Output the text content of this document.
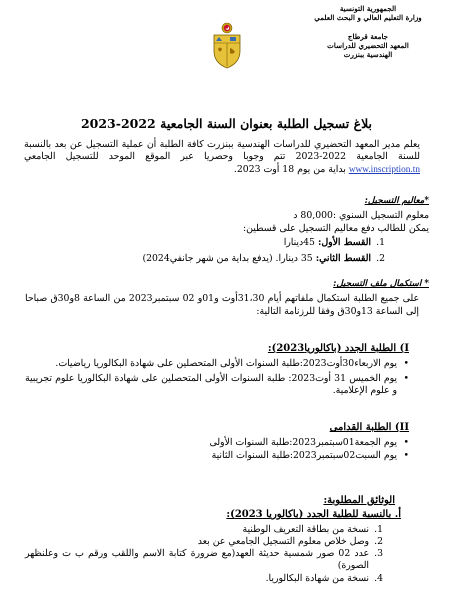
الجمهورية التونسية
وزارة التعليم العالي و البحث العلمي
جامعة قرطاج
المعهد التحضيري للدراسات
الهندسية ببنزرت
بلاغ تسجيل الطلبة بعنوان السنة الجامعية 2022-2023
يعلم مدير المعهد التحضيري للدراسات الهندسية ببنزرت كافة الطلبة أن عملية التسجيل عن بعد بالنسبة للسنة الجامعية 2022-2023 تتم وجوبا وحصريا عبر الموقع الموحد للتسجيل الجامعي www.inscription.tn بداية من يوم 18 أوت 2023.
*معاليم التسجيل:
معلوم التسجيل السنوي :80,000 د
يمكن للطالب دفع معاليم التسجيل على قسطين:
1.
القسط الأول: 45دينارا
2.
القسط الثاني: 35 دينارا. (يدفع بداية من شهر جانفي2024)
* استكمال ملف التسجيل:
على جميع الطلبة استكمال ملفاتهم أيام 31،30أوت و01و 02 سبتمبر2023 من الساعة 8و30ق صباحا إلى الساعة 13و30ق وفقا للرزنامة التالية:
I) الطلبة الجدد (باكالوريا2023):
•
يوم الاربعاء30أوت2023:طلبة السنوات الأولى المتحصلين على شهادة البكالوريا رياضيات.
•
يوم الخميس 31 أوت2023: طلبة السنوات الأولى المتحصلين على شهادة البكالوريا علوم تجريبية و علوم الإعلامية.
II) الطلبة القدامى
•
يوم الجمعة01سبتمبر2023:طلبة السنوات الأولى
•
يوم السبت02سبتمبر2023:طلبة السنوات الثانية
الوثائق المطلوبة:
أ. بالنسبة للطلبة الجدد (باكالوريا 2023):
1.
نسخة من بطاقة التعريف الوطنية
2.
وصل خلاص معلوم التسجيل الجامعي عن بعد
3.
عدد 02 صور شمسية حديثة العهد(مع ضرورة كتابة الاسم واللقب ورقم ب ت وعلنظهر الصورة)
4.
نسخة من شهادة البكالوريا.
